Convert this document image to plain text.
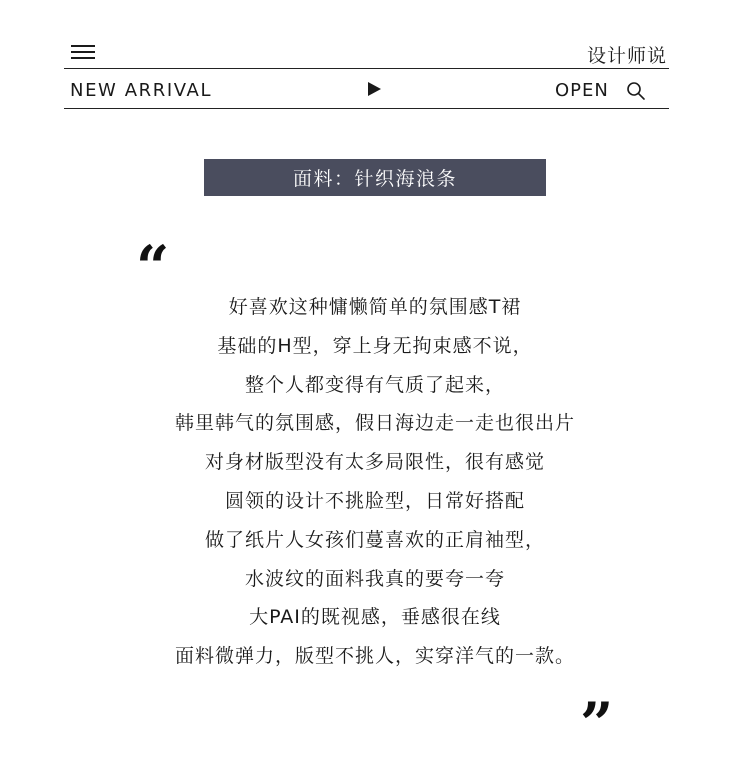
设计师说
NEW ARRIVAL	OPEN
面料：针织海浪条
“
好喜欢这种慵懒简单的氛围感T裙
基础的H型，穿上身无拘束感不说，
整个人都变得有气质了起来，
韩里韩气的氛围感，假日海边走一走也很出片
对身材版型没有太多局限性，很有感觉
圆领的设计不挑脸型，日常好搭配
做了纸片人女孩们蔓喜欢的正肩袖型，
水波纹的面料我真的要夸一夸
大PAI的既视感，垂感很在线
面料微弹力，版型不挑人，实穿洋气的一款。
”
